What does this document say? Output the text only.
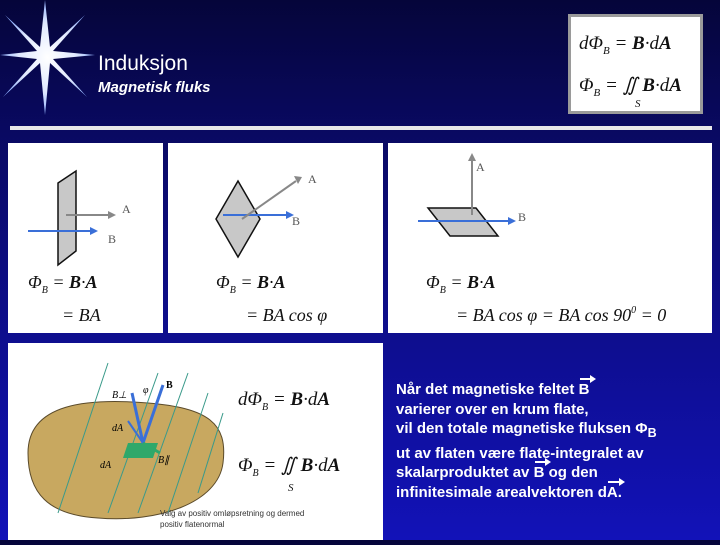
Induksjon
Magnetisk fluks
$d\Phi_B = B\cdot dA$
$\Phi_B$ = ∬ B·dA
S
A
B
$\Phi_B = B\cdot A$
= BA
A
B
$\Phi_B = B\cdot A$
= BA cos φ
A
B
$\Phi_B = B\cdot A$
= BA cos φ = BA $\cos 90^0 = 0$
B⊥ φ B
dA
dA	B∥
$d\Phi_B = B\cdot dA$
$\Phi_B$ = ∬ B·dA
S
Valg av positiv omløpsretning og dermed positiv flatenormal
Når det magnetiske feltet B
varierer over en krum flate,
vil den totale magnetiske fluksen $\Phi_B$
ut av flaten være flate-integralet av
skalarproduktet av B og den
infinitesimale arealvektoren dA.
